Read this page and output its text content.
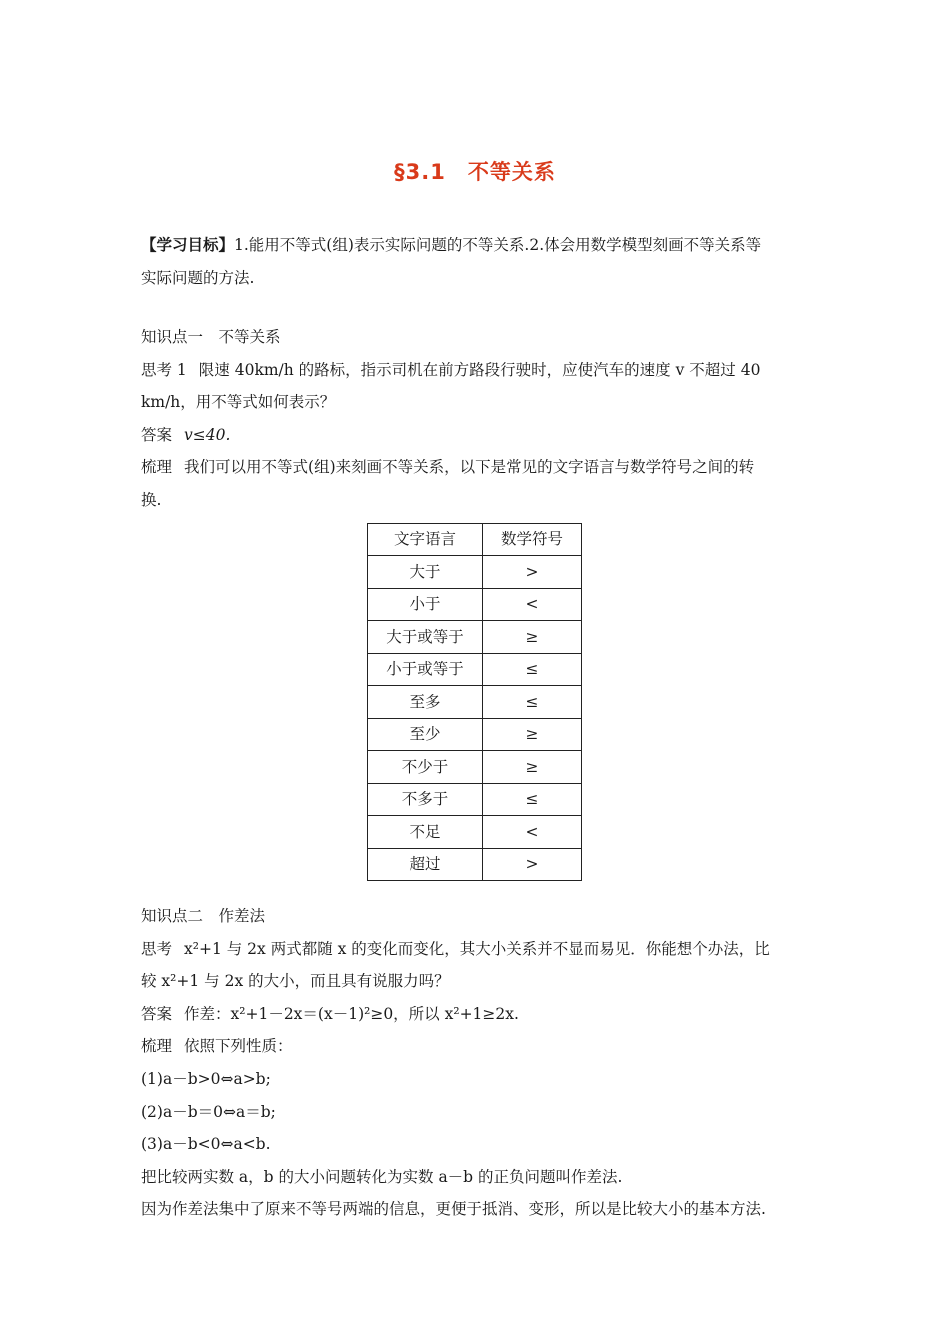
§3.1 不等关系

【学习目标】1.能用不等式(组)表示实际问题的不等关系.2.体会用数学模型刻画不等关系等

实际问题的方法.

知识点一　不等关系

思考 1 限速 40km/h 的路标，指示司机在前方路段行驶时，应使汽车的速度 v 不超过 40

km/h，用不等式如何表示？

答案 v≤40.

梳理 我们可以用不等式(组)来刻画不等关系，以下是常见的文字语言与数学符号之间的转

换.

文字语言	数学符号
大于	>
小于	<
大于或等于	≥
小于或等于	≤
至多	≤
至少	≥
不少于	≥
不多于	≤
不足	<
超过	>

知识点二　作差法

思考 x²+1 与 2x 两式都随 x 的变化而变化，其大小关系并不显而易见．你能想个办法，比

较 x²+1 与 2x 的大小，而且具有说服力吗？

答案 作差：x²+1－2x＝(x－1)²≥0，所以 x²+1≥2x.

梳理 依照下列性质：

(1)a－b>0⇔a>b;

(2)a－b＝0⇔a＝b;

(3)a－b<0⇔a<b.

把比较两实数 a，b 的大小问题转化为实数 a－b 的正负问题叫作差法.

因为作差法集中了原来不等号两端的信息，更便于抵消、变形，所以是比较大小的基本方法.
